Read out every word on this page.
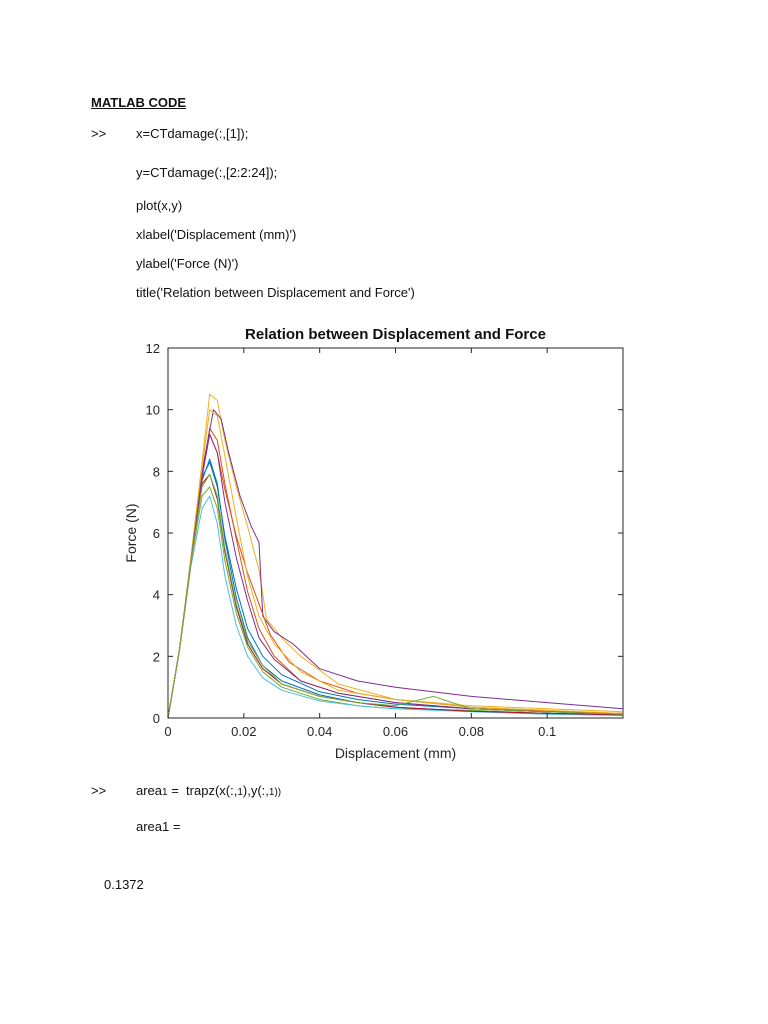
MATLAB CODE
>> x=CTdamage(:,[1]);
y=CTdamage(:,[2:2:24]);
plot(x,y)
xlabel('Displacement (mm)')
ylabel('Force (N)')
title('Relation between Displacement and Force')
0	0.02	0.04	0.06	0.08	0.1
0
2
4
6
8
10
12
Relation between Displacement and Force
Displacement (mm)
Force (N)
>> area1 =  trapz(x(:,1),y(:,1))
area1 =
0.1372
